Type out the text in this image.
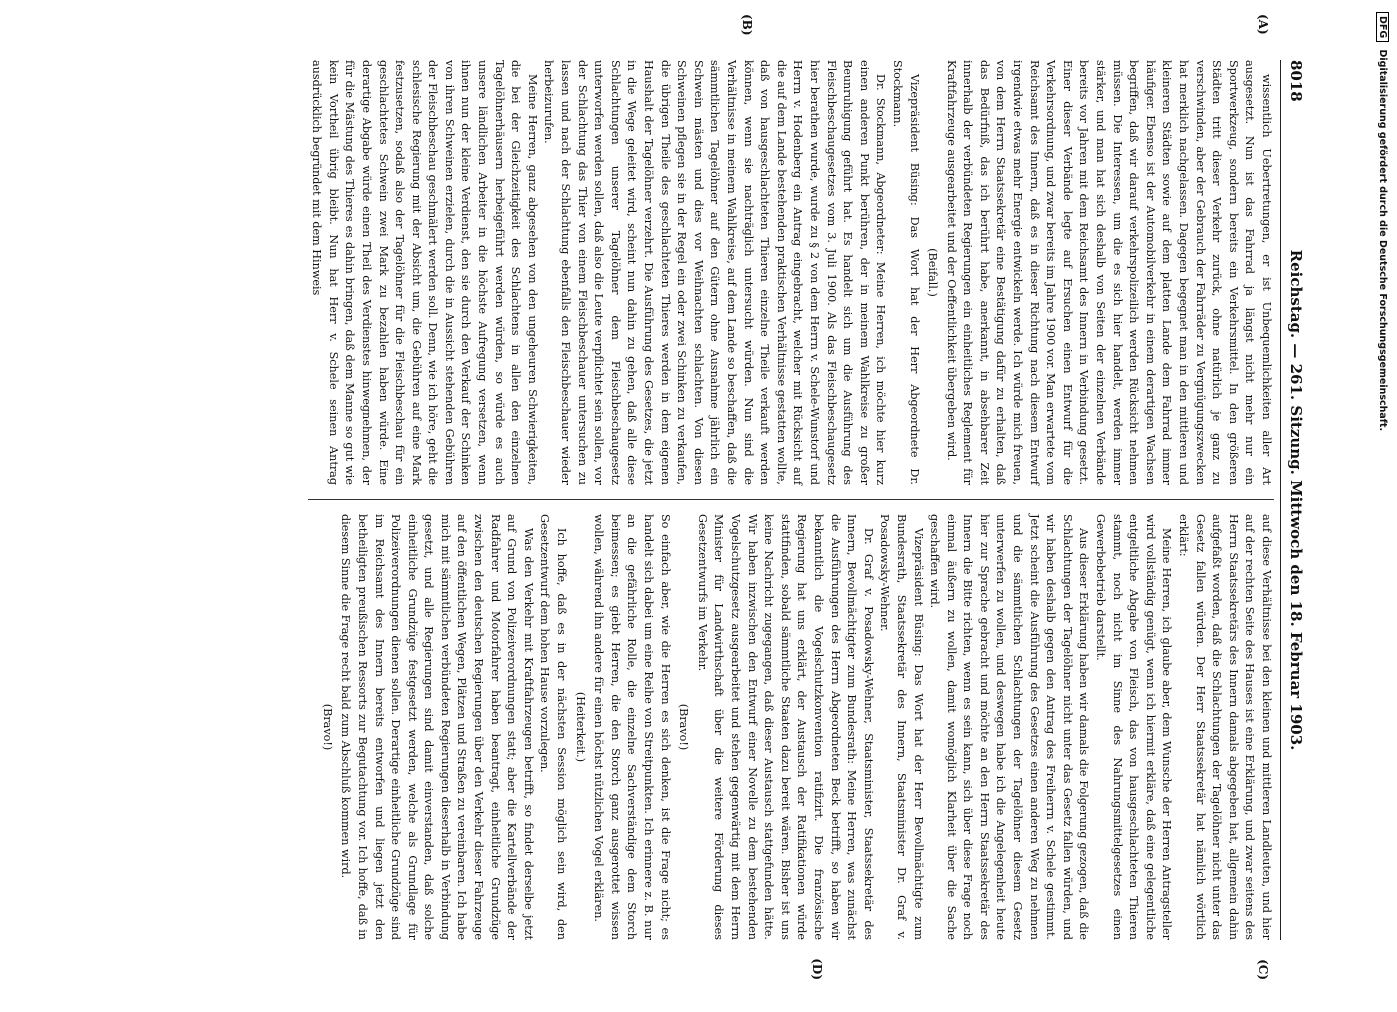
8018
Reichstag. — 261. Sitzung. Mittwoch den 18. Februar 1903.
(A)
(B)
(C)
(D)

wissentlich Uebertretungen, er ist Unbequemlichkeiten aller Art ausgesetzt. Nun ist das Fahrrad ja längst nicht mehr nur ein Sportwerkzeug, sondern bereits ein Verkehrsmittel. In den größeren Städten tritt dieser Verkehr zurück, ohne natürlich je ganz zu verschwinden, aber der Gebrauch der Fahrräder zu Vergnügungszwecken hat merklich nachgelassen. Dagegen begegnet man in den mittleren und kleineren Städten sowie auf dem platten Lande dem Fahrrad immer häufiger. Ebenso ist der Automobilverkehr in einem derartigen Wachsen begriffen, daß wir darauf verkehrspolizeilich werden Rücksicht nehmen müssen. Die Interessen, um die es sich hier handelt, werden immer stärker, und man hat sich deshalb von Seiten der einzelnen Verbände bereits vor Jahren mit dem Reichsamt des Innern in Verbindung gesetzt. Einer dieser Verbände legte auf Ersuchen einen Entwurf für die Verkehrsordnung, und zwar bereits im Jahre 1900 vor. Man erwartete vom Reichsamt des Innern, daß es in dieser Richtung nach diesem Entwurf irgendwie etwas mehr Energie entwickeln werde. Ich würde mich freuen, von dem Herrn Staatssekretär eine Bestätigung dafür zu erhalten, daß das Bedürfniß, das ich berührt habe, anerkannt, in absehbarer Zeit innerhalb der verbündeten Regierungen ein einheitliches Reglement für Kraftfahrzeuge ausgearbeitet und der Oeffentlichkeit übergeben wird.

(Beifall.)

Vizepräsident Büsing: Das Wort hat der Herr Abgeordnete Dr. Stockmann.

Dr. Stockmann, Abgeordneter: Meine Herren, ich möchte hier kurz einen anderen Punkt berühren, der in meinem Wahlkreise zu großer Beunruhigung geführt hat. Es handelt sich um die Ausführung des Fleischbeschaugesetzes vom 3. Juli 1900. Als das Fleischbeschaugesetz hier berathen wurde, wurde zu § 2 von dem Herrn v. Schele-Wunstorf und Herrn v. Hodenberg ein Antrag eingebracht, welcher mit Rücksicht auf die auf dem Lande bestehenden praktischen Verhältnisse gestatten wollte, daß von hausgeschlachteten Thieren einzelne Theile verkauft werden können, wenn sie nachträglich untersucht würden. Nun sind die Verhältnisse in meinem Wahlkreise, auf dem Lande so beschaffen, daß die sämmtlichen Tagelöhner auf den Gütern ohne Ausnahme jährlich ein Schwein mästen und dies vor Weihnachten schlachten. Von diesen Schweinen pflegen sie in der Regel ein oder zwei Schinken zu verkaufen, die übrigen Theile des geschlachteten Thieres werden in dem eigenen Haushalt der Tagelöhner verzehrt. Die Ausführung des Gesetzes, die jetzt in die Wege geleitet wird, scheint nun dahin zu gehen, daß alle diese Schlachtungen unserer Tagelöhner dem Fleischbeschaugesetz unterworfen werden sollen, daß also die Leute verpflichtet sein sollen, vor der Schlachtung das Thier von einem Fleischbeschauer untersuchen zu lassen und nach der Schlachtung ebenfalls den Fleischbeschauer wieder herbeizurufen.

Meine Herren, ganz abgesehen von den ungeheuren Schwierigkeiten, die bei der Gleichzeitigkeit des Schlachtens in allen den einzelnen Tagelöhnerhäusern herbeigeführt werden würden, so würde es auch unsere ländlichen Arbeiter in die höchste Aufregung versetzen, wenn ihnen nun der kleine Verdienst, den sie durch den Verkauf der Schinken von ihren Schweinen erzielen, durch die in Aussicht stehenden Gebühren der Fleischbeschau geschmälert werden soll. Denn, wie ich höre, geht die schlesische Regierung mit der Absicht um, die Gebühren auf eine Mark festzusetzen, sodaß also der Tagelöhner für die Fleischbeschau für ein geschlachtetes Schwein zwei Mark zu bezahlen haben würde. Eine derartige Abgabe würde einen Theil des Verdienstes hinwegnehmen, der für die Mästung des Thieres es dahin bringen, daß dem Manne so gut wie kein Vortheil übrig bleibt. Nun hat Herr v. Schele seinen Antrag ausdrücklich begründet mit dem Hinweis

auf diese Verhältnisse bei den kleinen und mittleren Landleuten, und hier auf der rechten Seite des Hauses ist eine Erklärung, und zwar seitens des Herrn Staatssekretärs des Innern damals abgegeben hat, allgemein dahin aufgefaßt worden, daß die Schlachtungen der Tagelöhner nicht unter das Gesetz fallen würden. Der Herr Staatssekretär hat nämlich wörtlich erklärt:

Meine Herren, ich glaube aber, dem Wunsche der Herren Antragsteller wird vollständig genügt, wenn ich hiermit erkläre, daß eine gelegentliche entgeltliche Abgabe von Fleisch, das von hausgeschlachteten Thieren stammt, noch nicht im Sinne des Nahrungsmittelgesetzes einen Gewerbebetrieb darstellt.

Aus dieser Erklärung haben wir damals die Folgerung gezogen, daß die Schlachtungen der Tagelöhner nicht unter das Gesetz fallen würden, und wir haben deshalb gegen den Antrag des Freiherrn v. Schele gestimmt. Jetzt scheint die Ausführung des Gesetzes einen anderen Weg zu nehmen und die sämmtlichen Schlachtungen der Tagelöhner diesem Gesetz unterwerfen zu wollen, und deswegen habe ich die Angelegenheit heute hier zur Sprache gebracht und möchte an den Herrn Staatssekretär des Innern die Bitte richten, wenn es sein kann, sich über diese Frage noch einmal äußern zu wollen, damit womöglich Klarheit über die Sache geschaffen wird.

Vizepräsident Büsing: Das Wort hat der Herr Bevollmächtigte zum Bundesrath, Staatssekretär des Innern, Staatsminister Dr. Graf v. Posadowsky-Wehner.

Dr. Graf v. Posadowsky-Wehner, Staatsminister, Staatssekretär des Innern, Bevollmächtigter zum Bundesrath: Meine Herren, was zunächst die Ausführungen des Herrn Abgeordneten Beck betrifft, so haben wir bekanntlich die Vogelschutzkonvention ratifizirt. Die französische Regierung hat uns erklärt, der Austausch der Ratifikationen würde stattfinden, sobald sämmtliche Staaten dazu bereit wären. Bisher ist uns keine Nachricht zugegangen, daß dieser Austausch stattgefunden hätte. Wir haben inzwischen den Entwurf einer Novelle zu dem bestehenden Vogelschutzgesetz ausgearbeitet und stehen gegenwärtig mit dem Herrn Minister für Landwirthschaft über die weitere Förderung dieses Gesetzentwurfs im Verkehr.

(Bravo!)

So einfach aber, wie die Herren es sich denken, ist die Frage nicht; es handelt sich dabei um eine Reihe von Streitpunkten. Ich erinnere z. B. nur an die gefährliche Rolle, die einzelne Sachverständige dem Storch beimessen; es giebt Herren, die den Storch ganz ausgerottet wissen wollen, während ihn andere für einen höchst nützlichen Vogel erklären.

(Heiterkeit.)

Ich hoffe, daß es in der nächsten Session möglich sein wird, den Gesetzentwurf dem hohen Hause vorzulegen.

Was den Verkehr mit Kraftfahrzeugen betrifft, so findet derselbe jetzt auf Grund von Polizeiverordnungen statt; aber die Kartellverbände der Radfahrer und Motorfahrer haben beantragt, einheitliche Grundzüge zwischen den deutschen Regierungen über den Verkehr dieser Fahrzeuge auf den öffentlichen Wegen, Plätzen und Straßen zu vereinbaren. Ich habe mich mit sämmtlichen verbündeten Regierungen dieserhalb in Verbindung gesetzt, und alle Regierungen sind damit einverstanden, daß solche einheitliche Grundzüge festgesetzt werden, welche als Grundlage für Polizeiverordnungen dienen sollen. Derartige einheitliche Grundzüge sind im Reichsamt des Innern bereits entworfen und liegen jetzt den betheiligten preußischen Ressorts zur Begutachtung vor. Ich hoffe, daß in diesem Sinne die Frage recht bald zum Abschluß kommen wird.

(Bravo!)

DFG Digitalisierung gefördert durch die Deutsche Forschungsgemeinschaft.
